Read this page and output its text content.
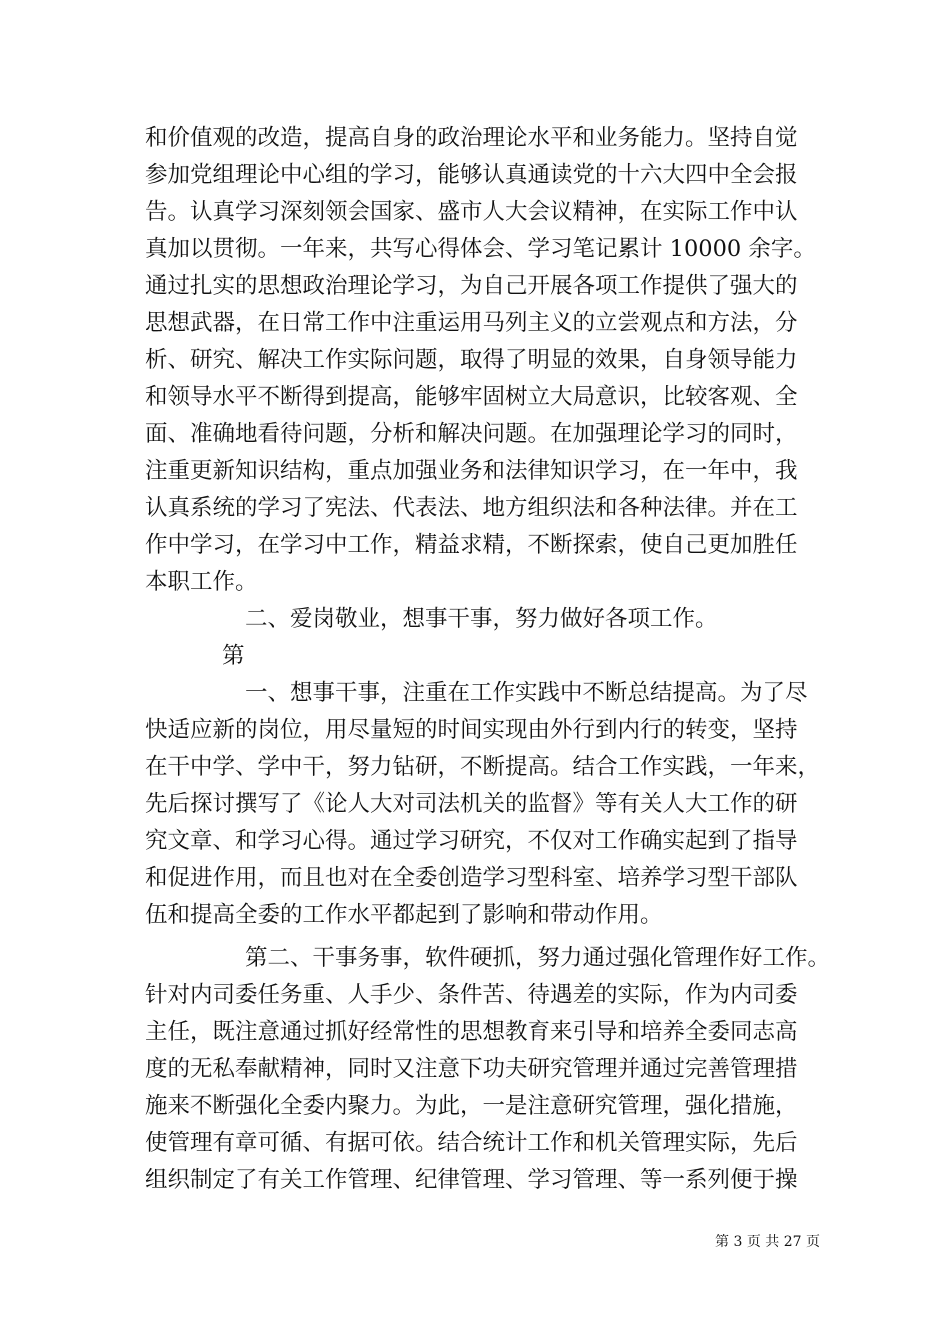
和价值观的改造，提高自身的政治理论水平和业务能力。坚持自觉
参加党组理论中心组的学习，能够认真通读党的十六大四中全会报
告。认真学习深刻领会国家、盛市人大会议精神，在实际工作中认
真加以贯彻。一年来，共写心得体会、学习笔记累计 10000 余字。
通过扎实的思想政治理论学习，为自己开展各项工作提供了强大的
思想武器，在日常工作中注重运用马列主义的立尝观点和方法，分
析、研究、解决工作实际问题，取得了明显的效果，自身领导能力
和领导水平不断得到提高，能够牢固树立大局意识，比较客观、全
面、准确地看待问题，分析和解决问题。在加强理论学习的同时，
注重更新知识结构，重点加强业务和法律知识学习，在一年中，我
认真系统的学习了宪法、代表法、地方组织法和各种法律。并在工
作中学习，在学习中工作，精益求精，不断探索，使自己更加胜任
本职工作。
二、爱岗敬业，想事干事，努力做好各项工作。
第
一、想事干事，注重在工作实践中不断总结提高。为了尽
快适应新的岗位，用尽量短的时间实现由外行到内行的转变，坚持
在干中学、学中干，努力钻研，不断提高。结合工作实践，一年来，
先后探讨撰写了《论人大对司法机关的监督》等有关人大工作的研
究文章、和学习心得。通过学习研究，不仅对工作确实起到了指导
和促进作用，而且也对在全委创造学习型科室、培养学习型干部队
伍和提高全委的工作水平都起到了影响和带动作用。
第二、干事务事，软件硬抓，努力通过强化管理作好工作。
针对内司委任务重、人手少、条件苦、待遇差的实际，作为内司委
主任，既注意通过抓好经常性的思想教育来引导和培养全委同志高
度的无私奉献精神，同时又注意下功夫研究管理并通过完善管理措
施来不断强化全委内聚力。为此，一是注意研究管理，强化措施，
使管理有章可循、有据可依。结合统计工作和机关管理实际，先后
组织制定了有关工作管理、纪律管理、学习管理、等一系列便于操
第 3 页 共 27 页
